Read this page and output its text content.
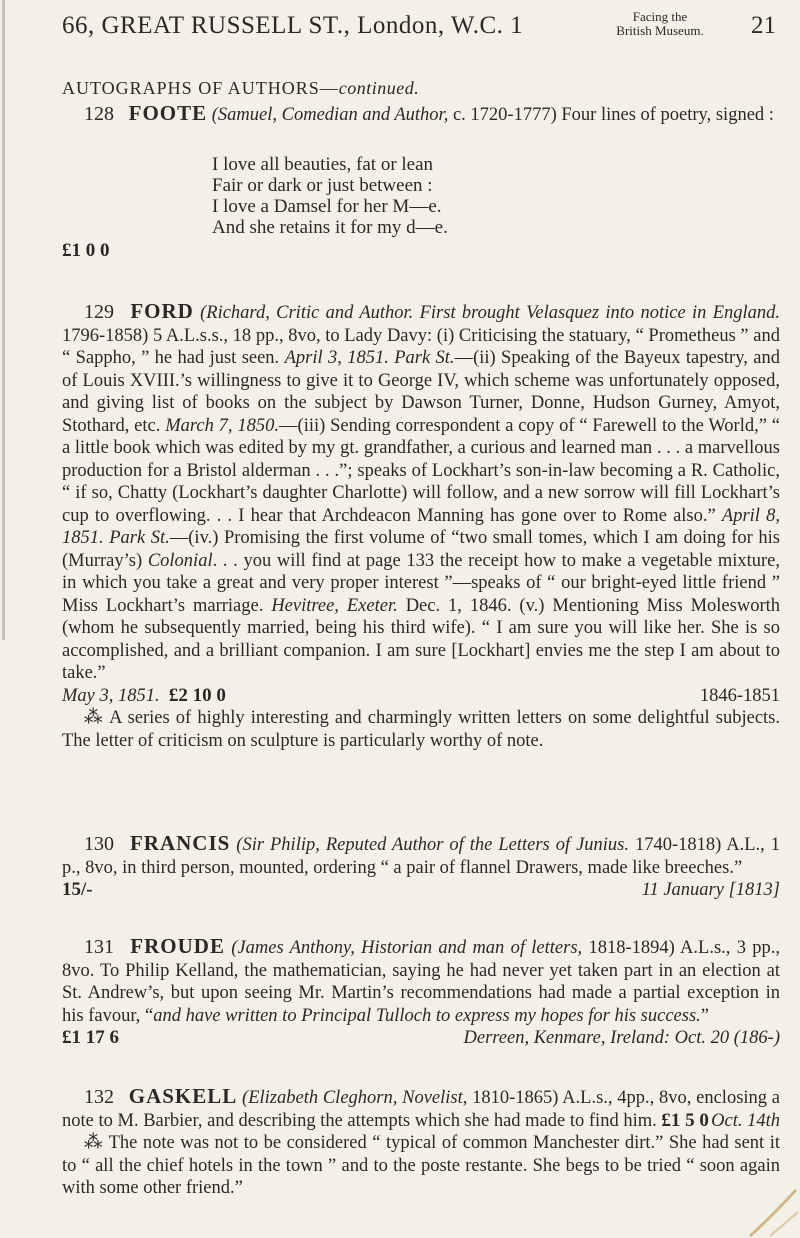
66, GREAT RUSSELL ST., London, W.C. 1	Facing the
British Museum.	21
AUTOGRAPHS OF AUTHORS—continued.
128 FOOTE (Samuel, Comedian and Author, c. 1720-1777) Four lines of poetry, signed :
I love all beauties, fat or lean
Fair or dark or just between :
I love a Damsel for her M—e.
And she retains it for my d—e.
£1 0 0
129 FORD (Richard, Critic and Author. First brought Velasquez into notice in England. 1796-1858) 5 A.L.s.s., 18 pp., 8vo, to Lady Davy: (i) Criticising the statuary, “ Prometheus ” and “ Sappho, ” he had just seen. April 3, 1851. Park St.—(ii) Speaking of the Bayeux tapestry, and of Louis XVIII.’s willingness to give it to George IV, which scheme was unfortunately opposed, and giving list of books on the subject by Dawson Turner, Donne, Hudson Gurney, Amyot, Stothard, etc. March 7, 1850.—(iii) Sending correspondent a copy of “ Farewell to the World,” “ a little book which was edited by my gt. grandfather, a curious and learned man . . . a marvellous production for a Bristol alderman . . .”; speaks of Lockhart’s son-in-law becoming a R. Catholic, “ if so, Chatty (Lockhart’s daughter Charlotte) will follow, and a new sorrow will fill Lockhart’s cup to overflowing. . . I hear that Archdeacon Manning has gone over to Rome also.” April 8, 1851. Park St.—(iv.) Promising the first volume of “two small tomes, which I am doing for his (Murray’s) Colonial. . . you will find at page 133 the receipt how to make a vegetable mixture, in which you take a great and very proper interest ”—speaks of “ our bright-eyed little friend ” Miss Lockhart’s marriage. Hevitree, Exeter. Dec. 1, 1846. (v.) Mentioning Miss Molesworth (whom he subsequently married, being his third wife). “ I am sure you will like her. She is so accomplished, and a brilliant companion. I am sure [Lockhart] envies me the step I am about to take.”
May 3, 1851. £2 10 0	1846-1851
⁂ A series of highly interesting and charmingly written letters on some delightful subjects. The letter of criticism on sculpture is particularly worthy of note.
130 FRANCIS (Sir Philip, Reputed Author of the Letters of Junius. 1740-1818) A.L., 1 p., 8vo, in third person, mounted, ordering “ a pair of flannel Drawers, made like breeches.”
15/-	11 January [1813]
131 FROUDE (James Anthony, Historian and man of letters, 1818-1894) A.L.s., 3 pp., 8vo. To Philip Kelland, the mathematician, saying he had never yet taken part in an election at St. Andrew’s, but upon seeing Mr. Martin’s recommendations had made a partial exception in his favour, “and have written to Principal Tulloch to express my hopes for his success.”
£1 17 6	Derreen, Kenmare, Ireland: Oct. 20 (186-)
132 GASKELL (Elizabeth Cleghorn, Novelist, 1810-1865) A.L.s., 4pp., 8vo, enclosing a note to M. Barbier, and describing the attempts which she had made to find him. £1 5 0 Oct. 14th
⁂ The note was not to be considered “ typical of common Manchester dirt.” She had sent it to “ all the chief hotels in the town ” and to the poste restante. She begs to be tried “ soon again with some other friend.”
